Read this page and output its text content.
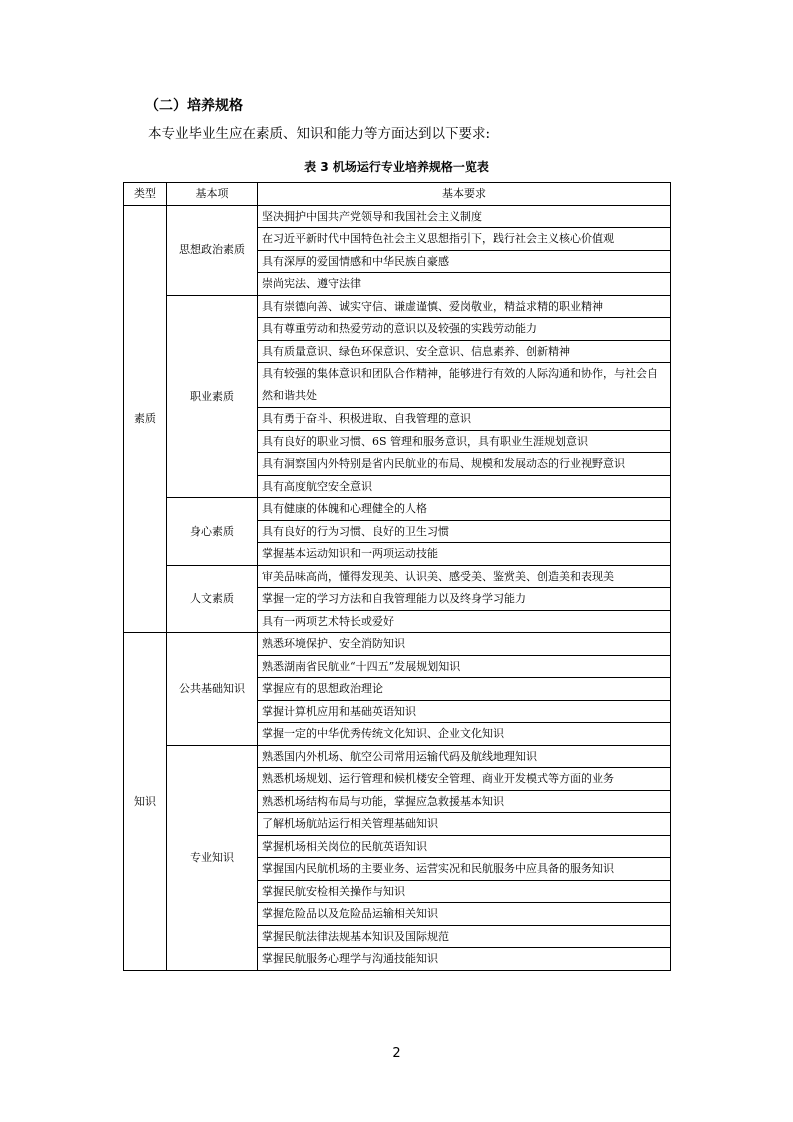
（二）培养规格
本专业毕业生应在素质、知识和能力等方面达到以下要求:
表 3 机场运行专业培养规格一览表
类型	基本项	基本要求
素质	思想政治素质	坚决拥护中国共产党领导和我国社会主义制度
		在习近平新时代中国特色社会主义思想指引下，践行社会主义核心价值观
		具有深厚的爱国情感和中华民族自豪感
		崇尚宪法、遵守法律
	职业素质	具有崇德向善、诚实守信、谦虚谨慎、爱岗敬业，精益求精的职业精神
		具有尊重劳动和热爱劳动的意识以及较强的实践劳动能力
		具有质量意识、绿色环保意识、安全意识、信息素养、创新精神
		具有较强的集体意识和团队合作精神，能够进行有效的人际沟通和协作，与社会自然和谐共处
		具有勇于奋斗、积极进取、自我管理的意识
		具有良好的职业习惯、6S 管理和服务意识，具有职业生涯规划意识
		具有洞察国内外特别是省内民航业的布局、规模和发展动态的行业视野意识
		具有高度航空安全意识
	身心素质	具有健康的体魄和心理健全的人格
		具有良好的行为习惯、良好的卫生习惯
		掌握基本运动知识和一两项运动技能
	人文素质	审美品味高尚，懂得发现美、认识美、感受美、鉴赏美、创造美和表现美
		掌握一定的学习方法和自我管理能力以及终身学习能力
		具有一两项艺术特长或爱好
知识	公共基础知识	熟悉环境保护、安全消防知识
		熟悉湖南省民航业“十四五”发展规划知识
		掌握应有的思想政治理论
		掌握计算机应用和基础英语知识
		掌握一定的中华优秀传统文化知识、企业文化知识
	专业知识	熟悉国内外机场、航空公司常用运输代码及航线地理知识
		熟悉机场规划、运行管理和候机楼安全管理、商业开发模式等方面的业务
		熟悉机场结构布局与功能，掌握应急救援基本知识
		了解机场航站运行相关管理基础知识
		掌握机场相关岗位的民航英语知识
		掌握国内民航机场的主要业务、运营实况和民航服务中应具备的服务知识
		掌握民航安检相关操作与知识
		掌握危险品以及危险品运输相关知识
		掌握民航法律法规基本知识及国际规范
		掌握民航服务心理学与沟通技能知识
2
